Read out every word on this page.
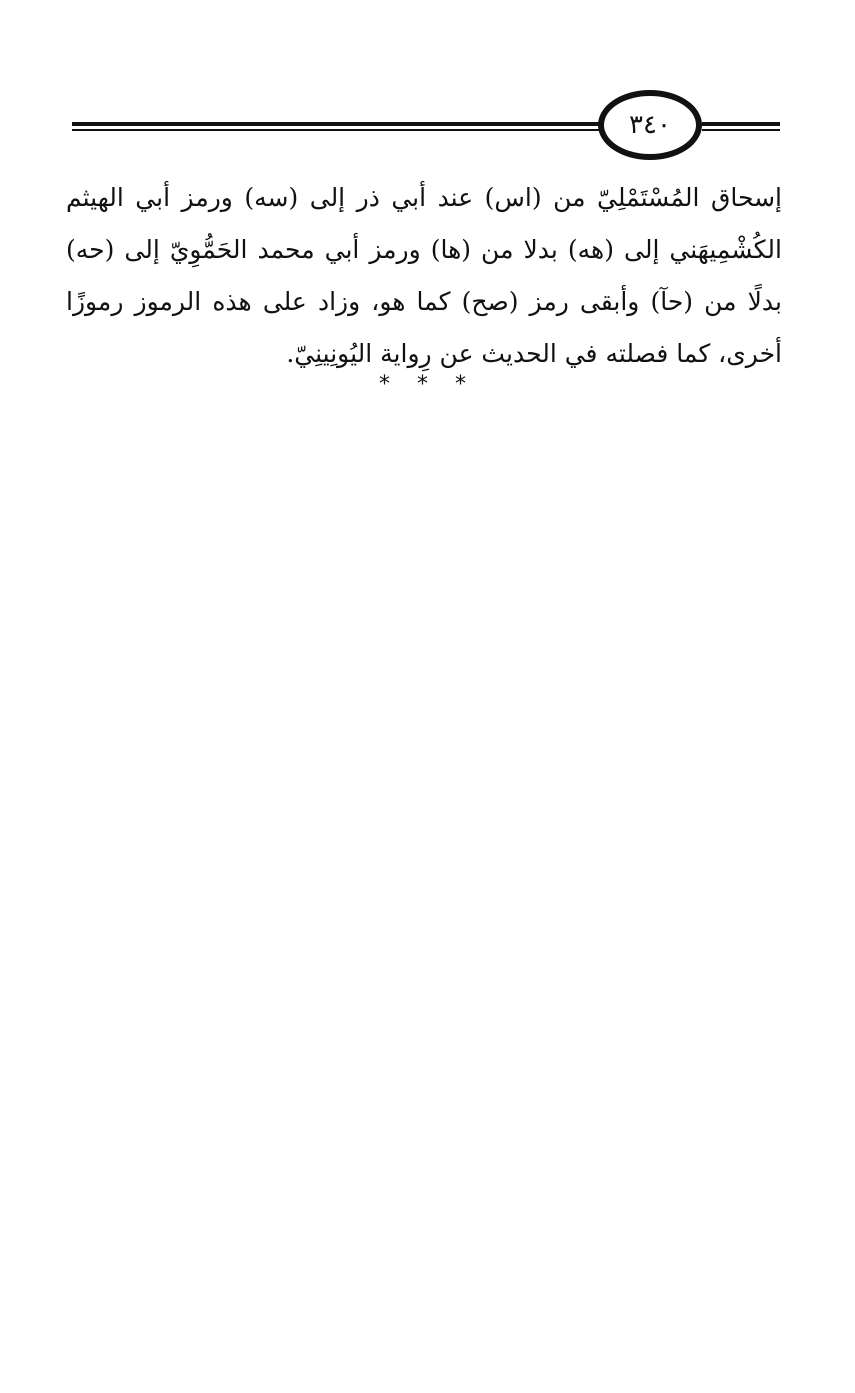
٣٤٠
إسحاق المُسْتَمْلِيّ من (اس) عند أبي ذر إلى (سه) ورمز أبي الهيثم
الكُشْمِيهَني إلى (هه) بدلا من (ها) ورمز أبي محمد الحَمُّوِيّ إلى (حه)
بدلًا من (حآ) وأبقى رمز (صح) كما هو، وزاد على هذه الرموز رموزًا
أخرى، كما فصلته في الحديث عن رِواية اليُونِينِيّ.
* * *
